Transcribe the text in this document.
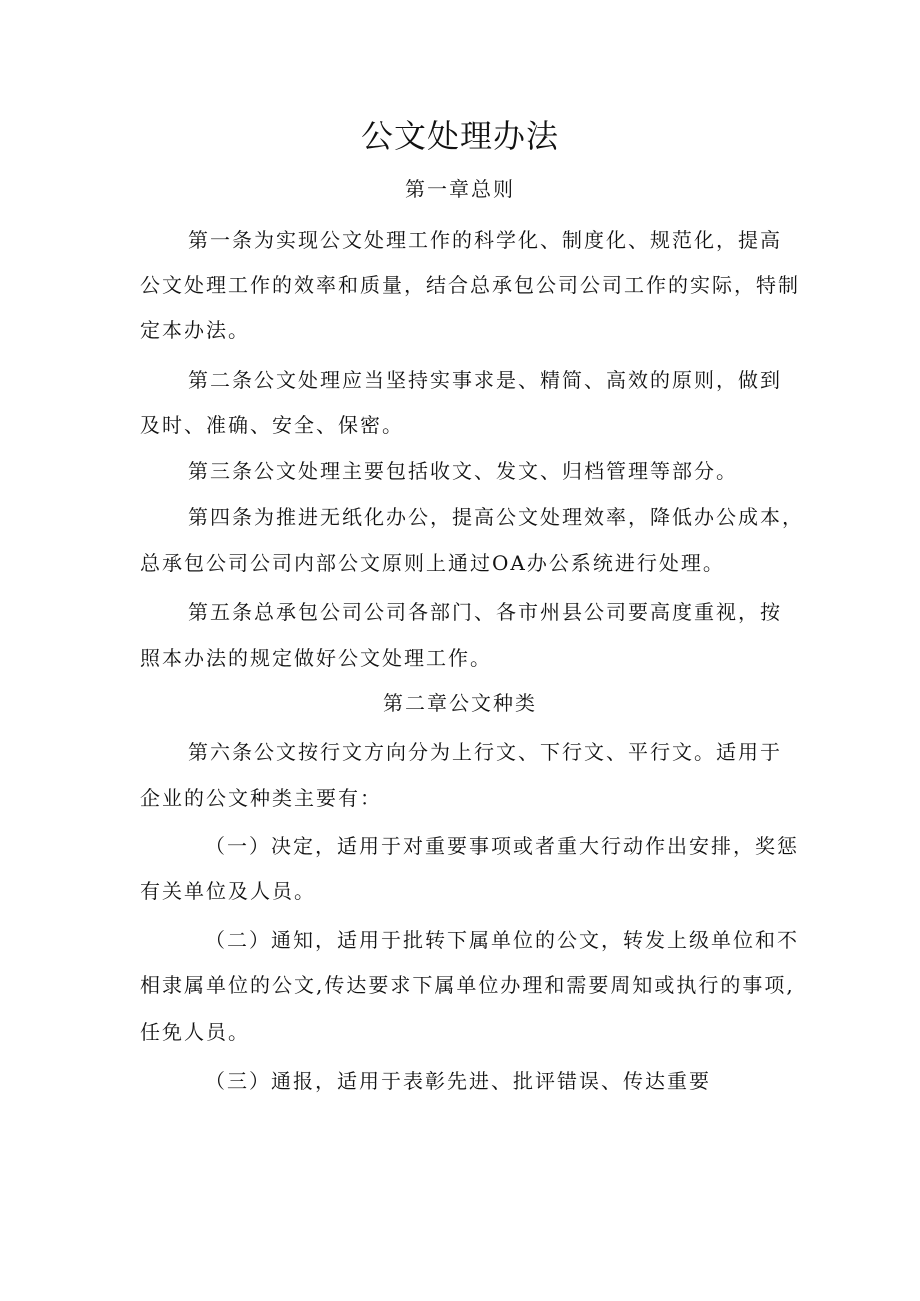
公文处理办法
第一章总则
第一条为实现公文处理工作的科学化、制度化、规范化，提高
公文处理工作的效率和质量，结合总承包公司公司工作的实际，特制
定本办法。
第二条公文处理应当坚持实事求是、精简、高效的原则，做到
及时、准确、安全、保密。
第三条公文处理主要包括收文、发文、归档管理等部分。
第四条为推进无纸化办公，提高公文处理效率，降低办公成本，
总承包公司公司内部公文原则上通过OA办公系统进行处理。
第五条总承包公司公司各部门、各市州县公司要高度重视，按
照本办法的规定做好公文处理工作。
第二章公文种类
第六条公文按行文方向分为上行文、下行文、平行文。适用于
企业的公文种类主要有：
（一）决定，适用于对重要事项或者重大行动作出安排，奖惩
有关单位及人员。
（二）通知，适用于批转下属单位的公文，转发上级单位和不
相隶属单位的公文,传达要求下属单位办理和需要周知或执行的事项,
任免人员。
（三）通报，适用于表彰先进、批评错误、传达重要
